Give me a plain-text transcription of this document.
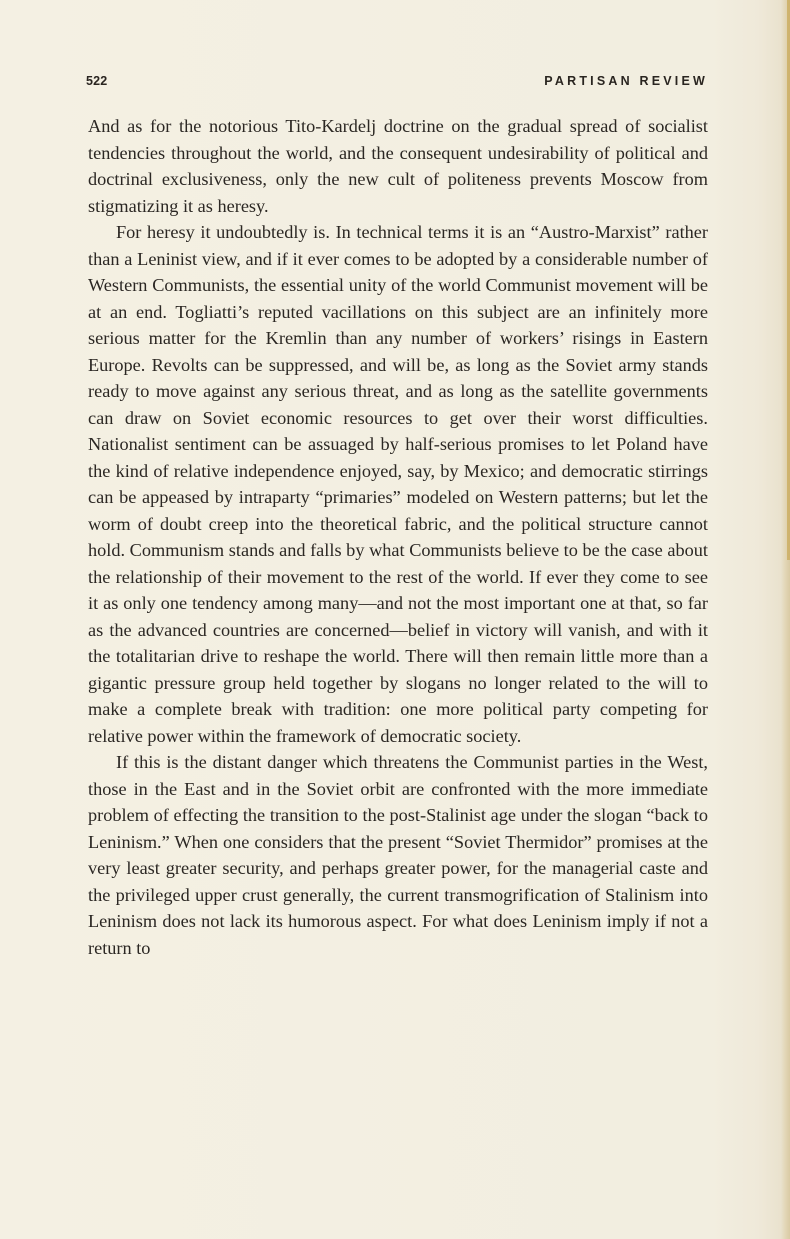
522	PARTISAN REVIEW

And as for the notorious Tito-Kardelj doctrine on the gradual spread of socialist tendencies throughout the world, and the consequent undesirability of political and doctrinal exclusiveness, only the new cult of politeness prevents Moscow from stigmatizing it as heresy.

For heresy it undoubtedly is. In technical terms it is an “Austro-Marxist” rather than a Leninist view, and if it ever comes to be adopted by a considerable number of Western Communists, the essential unity of the world Communist movement will be at an end. Togliatti’s reputed vacillations on this subject are an infinitely more serious matter for the Kremlin than any number of workers’ risings in Eastern Europe. Revolts can be suppressed, and will be, as long as the Soviet army stands ready to move against any serious threat, and as long as the satellite governments can draw on Soviet economic resources to get over their worst difficulties. Nationalist sentiment can be assuaged by half-serious promises to let Poland have the kind of relative independence enjoyed, say, by Mexico; and democratic stirrings can be appeased by intraparty “primaries” modeled on Western patterns; but let the worm of doubt creep into the theoretical fabric, and the political structure cannot hold. Communism stands and falls by what Communists believe to be the case about the relationship of their movement to the rest of the world. If ever they come to see it as only one tendency among many—and not the most important one at that, so far as the advanced countries are concerned—belief in victory will vanish, and with it the totalitarian drive to reshape the world. There will then remain little more than a gigantic pressure group held together by slogans no longer related to the will to make a complete break with tradition: one more political party competing for relative power within the framework of democratic society.

If this is the distant danger which threatens the Communist parties in the West, those in the East and in the Soviet orbit are confronted with the more immediate problem of effecting the transition to the post-Stalinist age under the slogan “back to Leninism.” When one considers that the present “Soviet Thermidor” promises at the very least greater security, and perhaps greater power, for the managerial caste and the privileged upper crust generally, the current transmogrification of Stalinism into Leninism does not lack its humorous aspect. For what does Leninism imply if not a return to
